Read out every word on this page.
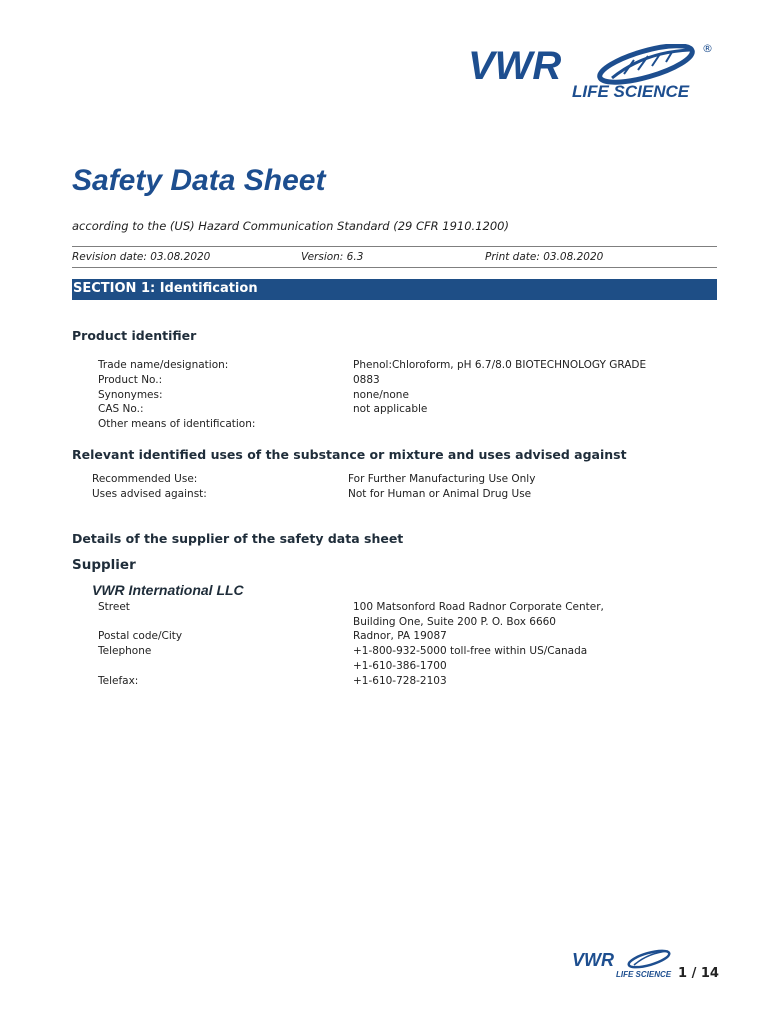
VWR	®
LIFE SCIENCE
Safety Data Sheet
according to the (US) Hazard Communication Standard (29 CFR 1910.1200)
Revision date: 03.08.2020	Version: 6.3	Print date: 03.08.2020
SECTION 1: Identification
Product identifier
Trade name/designation:	Phenol:Chloroform, pH 6.7/8.0 BIOTECHNOLOGY GRADE
Product No.:	0883
Synonymes:	none/none
CAS No.:	not applicable
Other means of identification:
Relevant identified uses of the substance or mixture and uses advised against
Recommended Use:	For Further Manufacturing Use Only
Uses advised against:	Not for Human or Animal Drug Use
Details of the supplier of the safety data sheet
Supplier
VWR International LLC
Street	100 Matsonford Road Radnor Corporate Center,
Building One, Suite 200 P. O. Box 6660
Postal code/City	Radnor, PA 19087
Telephone	+1-800-932-5000 toll-free within US/Canada
+1-610-386-1700
Telefax:	+1-610-728-2103
VWR
LIFE SCIENCE 1 / 14
